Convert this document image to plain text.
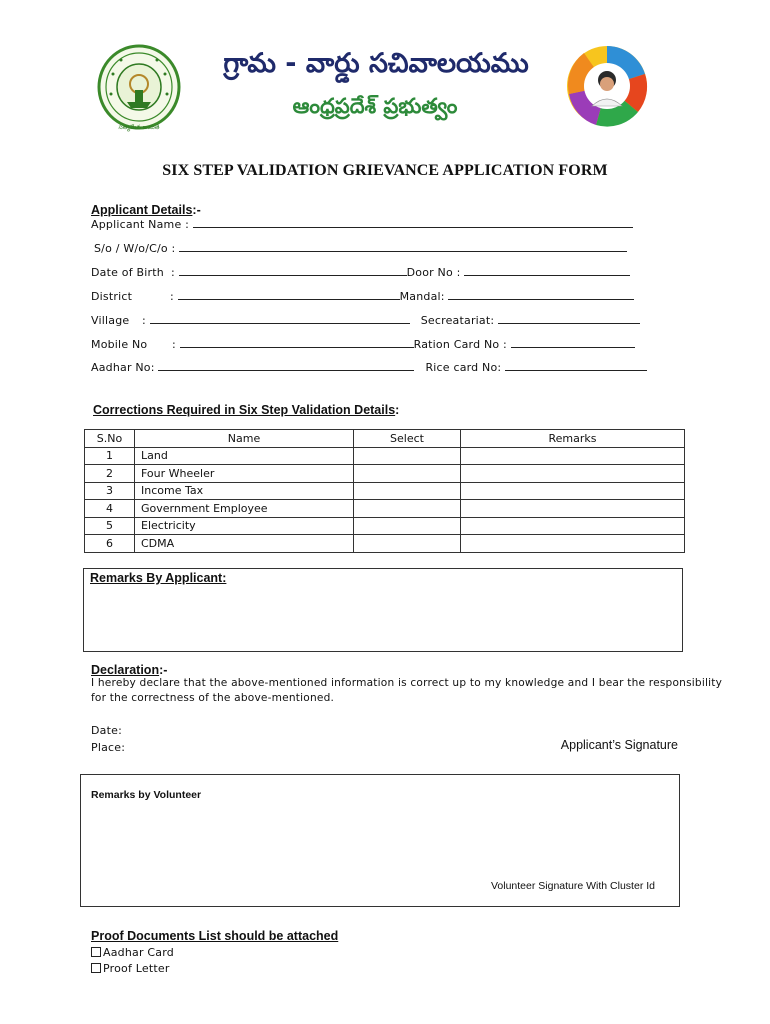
సత్యమేవ జయతే
గ్రామ - వార్డు సచివాలయము
ఆంధ్రప్రదేశ్ ప్రభుత్వం
SIX STEP VALIDATION GRIEVANCE APPLICATION FORM
Applicant Details:-
Applicant Name :
S/o / W/o/C/o :
Date of Birth :	Door No :
District	:	Mandal:
Village :	Secreatariat:
Mobile No :	Ration Card No :
Aadhar No:	Rice card No:
Corrections Required in Six Step Validation Details:
S.No	Name	Select	Remarks
1	Land		
2	Four Wheeler		
3	Income Tax		
4	Government Employee		
5	Electricity		
6	CDMA		
Remarks By Applicant:
Declaration:-
I hereby declare that the above-mentioned information is correct up to my knowledge and I bear the responsibility
for the correctness of the above-mentioned.
Date:
Place:	Applicant’s Signature
Remarks by Volunteer
Volunteer Signature With Cluster Id
Proof Documents List should be attached
Aadhar Card
Proof Letter
